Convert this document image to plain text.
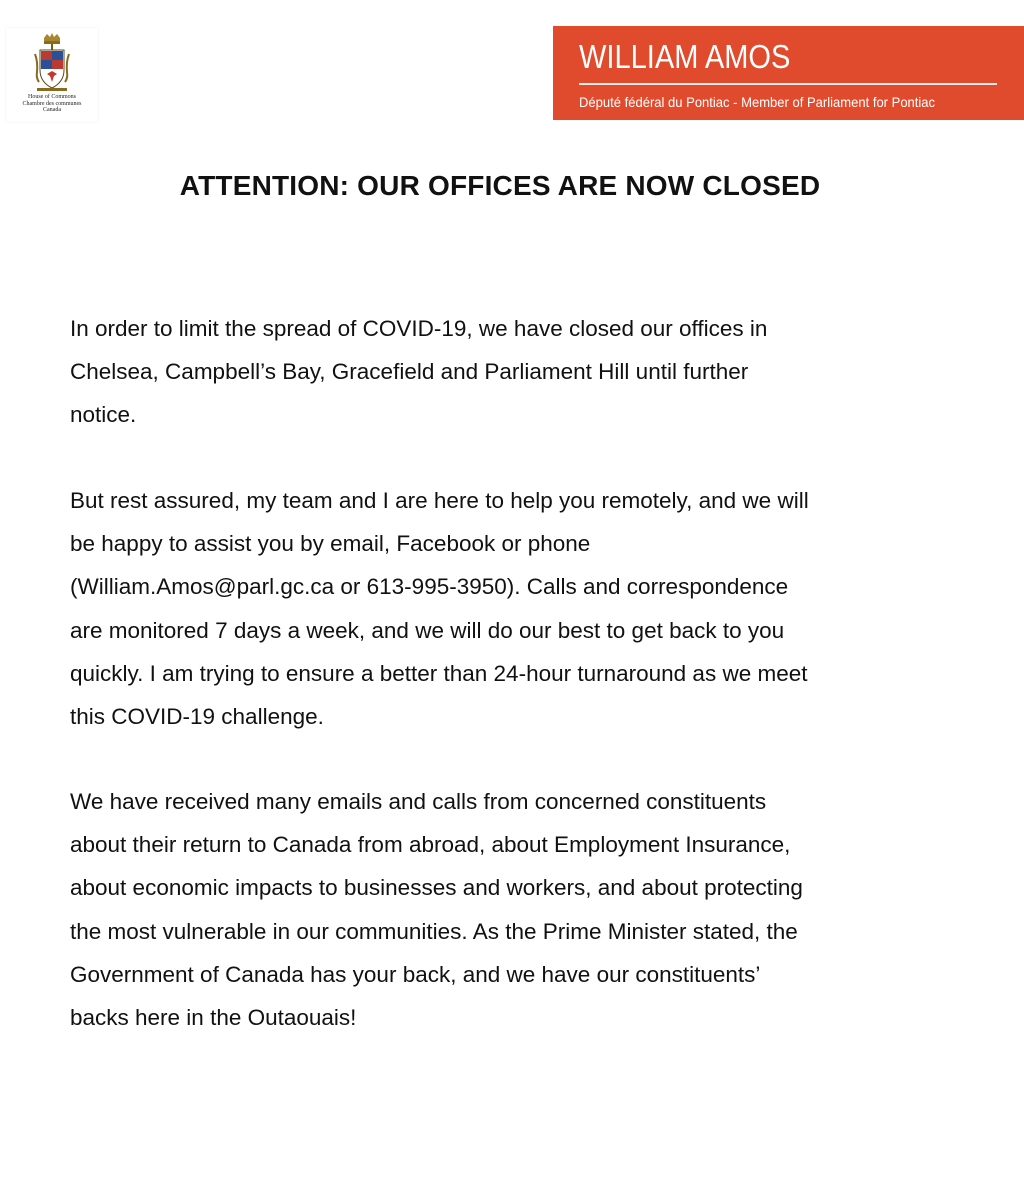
House of Commons
Chambre des communes
Canada
WILLIAM AMOS
Député fédéral du Pontiac - Member of Parliament for Pontiac
ATTENTION: OUR OFFICES ARE NOW CLOSED
In order to limit the spread of COVID-19, we have closed our offices in
Chelsea, Campbell’s Bay, Gracefield and Parliament Hill until further
notice.
But rest assured, my team and I are here to help you remotely, and we will
be happy to assist you by email, Facebook or phone
(William.Amos@parl.gc.ca or 613-995-3950). Calls and correspondence
are monitored 7 days a week, and we will do our best to get back to you
quickly. I am trying to ensure a better than 24-hour turnaround as we meet
this COVID-19 challenge.
We have received many emails and calls from concerned constituents
about their return to Canada from abroad, about Employment Insurance,
about economic impacts to businesses and workers, and about protecting
the most vulnerable in our communities. As the Prime Minister stated, the
Government of Canada has your back, and we have our constituents’
backs here in the Outaouais!
